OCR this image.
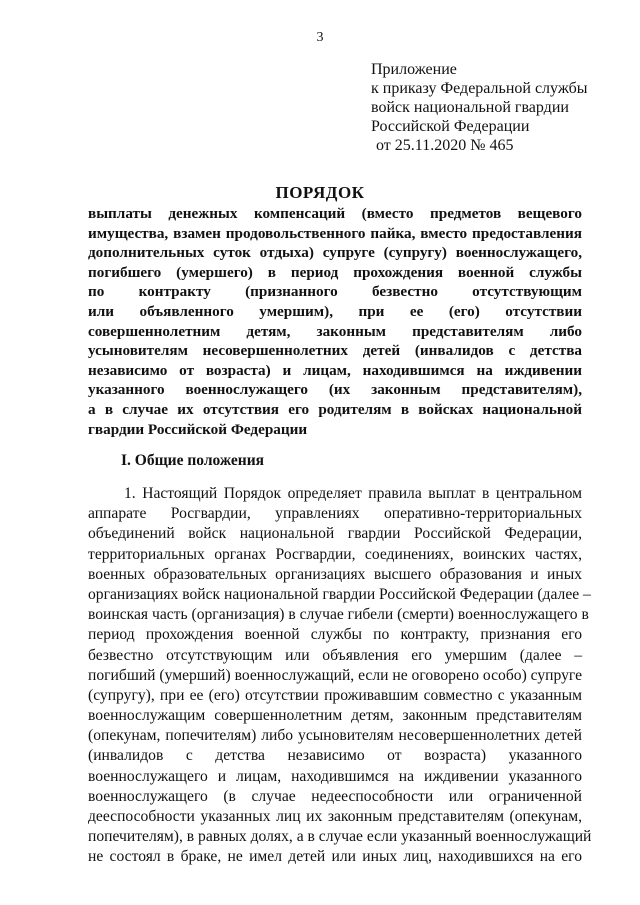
3
Приложение
к приказу Федеральной службы
войск национальной гвардии
Российской Федерации
от 25.11.2020 № 465
ПОРЯДОК
выплаты денежных компенсаций (вместо предметов вещевого
имущества, взамен продовольственного пайка, вместо предоставления
дополнительных суток отдыха) супруге (супругу) военнослужащего,
погибшего (умершего) в период прохождения военной службы
по контракту (признанного безвестно отсутствующим
или объявленного умершим), при ее (его) отсутствии
совершеннолетним детям, законным представителям либо
усыновителям несовершеннолетних детей (инвалидов с детства
независимо от возраста) и лицам, находившимся на иждивении
указанного военнослужащего (их законным представителям),
а в случае их отсутствия его родителям в войсках национальной
гвардии Российской Федерации
I. Общие положения
1. Настоящий Порядок определяет правила выплат в центральном
аппарате Росгвардии, управлениях оперативно-территориальных
объединений войск национальной гвардии Российской Федерации,
территориальных органах Росгвардии, соединениях, воинских частях,
военных образовательных организациях высшего образования и иных
организациях войск национальной гвардии Российской Федерации (далее –
воинская часть (организация) в случае гибели (смерти) военнослужащего в
период прохождения военной службы по контракту, признания его
безвестно отсутствующим или объявления его умершим (далее –
погибший (умерший) военнослужащий, если не оговорено особо) супруге
(супругу), при ее (его) отсутствии проживавшим совместно с указанным
военнослужащим совершеннолетним детям, законным представителям
(опекунам, попечителям) либо усыновителям несовершеннолетних детей
(инвалидов с детства независимо от возраста) указанного
военнослужащего и лицам, находившимся на иждивении указанного
военнослужащего (в случае недееспособности или ограниченной
дееспособности указанных лиц их законным представителям (опекунам,
попечителям), в равных долях, а в случае если указанный военнослужащий
не состоял в браке, не имел детей или иных лиц, находившихся на его
